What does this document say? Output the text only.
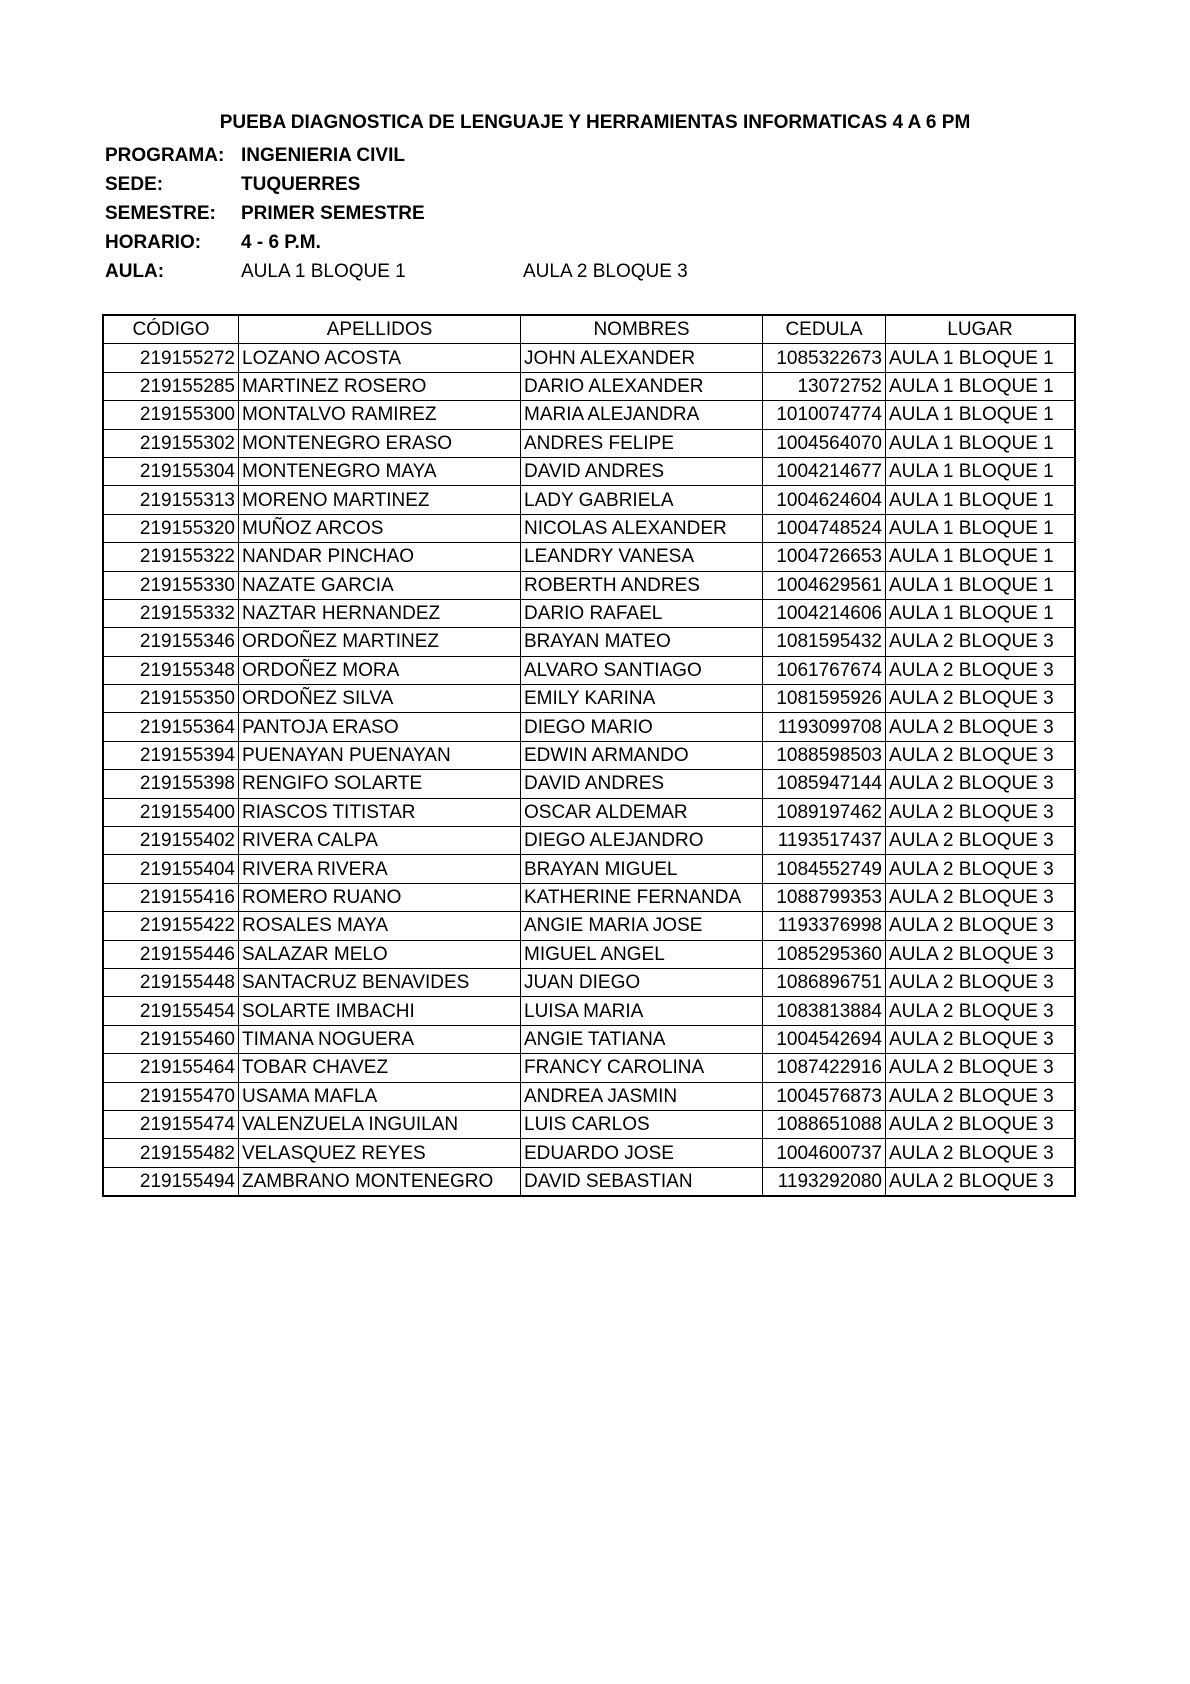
PUEBA DIAGNOSTICA DE LENGUAJE Y HERRAMIENTAS INFORMATICAS 4 A 6 PM
PROGRAMA: INGENIERIA CIVIL
SEDE:	TUQUERRES
SEMESTRE: PRIMER SEMESTRE
HORARIO: 4 - 6 P.M.
AULA:	AULA 1 BLOQUE 1	AULA 2 BLOQUE 3
CÓDIGO	APELLIDOS	NOMBRES	CEDULA	LUGAR
219155272	LOZANO ACOSTA	JOHN ALEXANDER	1085322673	AULA 1 BLOQUE 1
219155285	MARTINEZ ROSERO	DARIO ALEXANDER	13072752	AULA 1 BLOQUE 1
219155300	MONTALVO RAMIREZ	MARIA ALEJANDRA	1010074774	AULA 1 BLOQUE 1
219155302	MONTENEGRO ERASO	ANDRES FELIPE	1004564070	AULA 1 BLOQUE 1
219155304	MONTENEGRO MAYA	DAVID ANDRES	1004214677	AULA 1 BLOQUE 1
219155313	MORENO MARTINEZ	LADY GABRIELA	1004624604	AULA 1 BLOQUE 1
219155320	MUÑOZ ARCOS	NICOLAS ALEXANDER	1004748524	AULA 1 BLOQUE 1
219155322	NANDAR PINCHAO	LEANDRY VANESA	1004726653	AULA 1 BLOQUE 1
219155330	NAZATE GARCIA	ROBERTH ANDRES	1004629561	AULA 1 BLOQUE 1
219155332	NAZTAR HERNANDEZ	DARIO RAFAEL	1004214606	AULA 1 BLOQUE 1
219155346	ORDOÑEZ MARTINEZ	BRAYAN MATEO	1081595432	AULA 2 BLOQUE 3
219155348	ORDOÑEZ MORA	ALVARO SANTIAGO	1061767674	AULA 2 BLOQUE 3
219155350	ORDOÑEZ SILVA	EMILY KARINA	1081595926	AULA 2 BLOQUE 3
219155364	PANTOJA ERASO	DIEGO MARIO	1193099708	AULA 2 BLOQUE 3
219155394	PUENAYAN PUENAYAN	EDWIN ARMANDO	1088598503	AULA 2 BLOQUE 3
219155398	RENGIFO SOLARTE	DAVID ANDRES	1085947144	AULA 2 BLOQUE 3
219155400	RIASCOS TITISTAR	OSCAR ALDEMAR	1089197462	AULA 2 BLOQUE 3
219155402	RIVERA CALPA	DIEGO ALEJANDRO	1193517437	AULA 2 BLOQUE 3
219155404	RIVERA RIVERA	BRAYAN MIGUEL	1084552749	AULA 2 BLOQUE 3
219155416	ROMERO RUANO	KATHERINE FERNANDA	1088799353	AULA 2 BLOQUE 3
219155422	ROSALES MAYA	ANGIE MARIA JOSE	1193376998	AULA 2 BLOQUE 3
219155446	SALAZAR MELO	MIGUEL ANGEL	1085295360	AULA 2 BLOQUE 3
219155448	SANTACRUZ BENAVIDES	JUAN DIEGO	1086896751	AULA 2 BLOQUE 3
219155454	SOLARTE IMBACHI	LUISA MARIA	1083813884	AULA 2 BLOQUE 3
219155460	TIMANA NOGUERA	ANGIE TATIANA	1004542694	AULA 2 BLOQUE 3
219155464	TOBAR CHAVEZ	FRANCY CAROLINA	1087422916	AULA 2 BLOQUE 3
219155470	USAMA MAFLA	ANDREA JASMIN	1004576873	AULA 2 BLOQUE 3
219155474	VALENZUELA INGUILAN	LUIS CARLOS	1088651088	AULA 2 BLOQUE 3
219155482	VELASQUEZ REYES	EDUARDO JOSE	1004600737	AULA 2 BLOQUE 3
219155494	ZAMBRANO MONTENEGRO	DAVID SEBASTIAN	1193292080	AULA 2 BLOQUE 3
